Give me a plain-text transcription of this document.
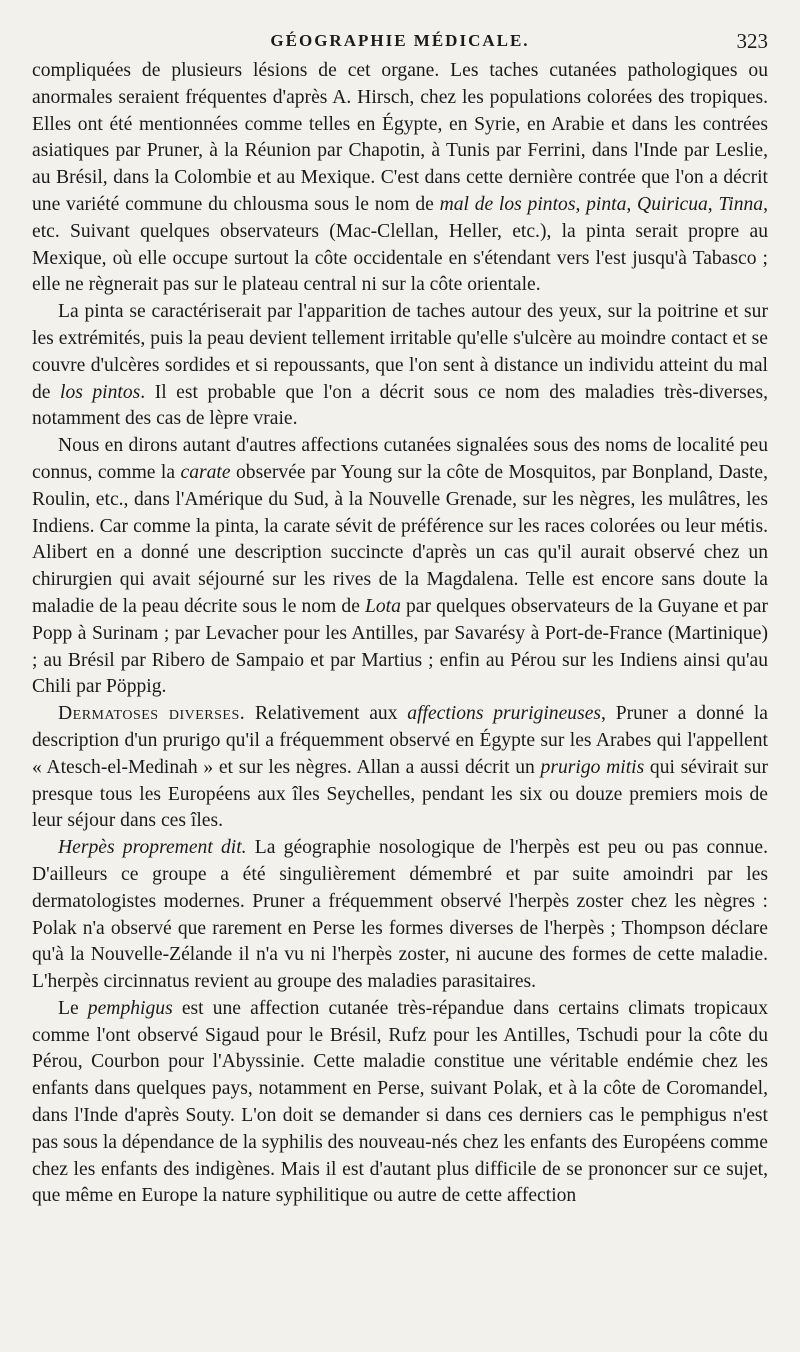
GÉOGRAPHIE MÉDICALE.	323

compliquées de plusieurs lésions de cet organe. Les taches cutanées pathologiques ou anormales seraient fréquentes d'après A. Hirsch, chez les populations colorées des tropiques. Elles ont été mentionnées comme telles en Égypte, en Syrie, en Arabie et dans les contrées asiatiques par Pruner, à la Réunion par Chapotin, à Tunis par Ferrini, dans l'Inde par Leslie, au Brésil, dans la Colombie et au Mexique. C'est dans cette dernière contrée que l'on a décrit une variété commune du chlousma sous le nom de mal de los pintos, pinta, Quiricua, Tinna, etc. Suivant quelques observateurs (Mac-Clellan, Heller, etc.), la pinta serait propre au Mexique, où elle occupe surtout la côte occidentale en s'étendant vers l'est jusqu'à Tabasco ; elle ne règnerait pas sur le plateau central ni sur la côte orientale.

La pinta se caractériserait par l'apparition de taches autour des yeux, sur la poitrine et sur les extrémités, puis la peau devient tellement irritable qu'elle s'ulcère au moindre contact et se couvre d'ulcères sordides et si repoussants, que l'on sent à distance un individu atteint du mal de los pintos. Il est probable que l'on a décrit sous ce nom des maladies très-diverses, notamment des cas de lèpre vraie.

Nous en dirons autant d'autres affections cutanées signalées sous des noms de localité peu connus, comme la carate observée par Young sur la côte de Mosquitos, par Bonpland, Daste, Roulin, etc., dans l'Amérique du Sud, à la Nouvelle Grenade, sur les nègres, les mulâtres, les Indiens. Car comme la pinta, la carate sévit de préférence sur les races colorées ou leur métis. Alibert en a donné une description succincte d'après un cas qu'il aurait observé chez un chirurgien qui avait séjourné sur les rives de la Magdalena. Telle est encore sans doute la maladie de la peau décrite sous le nom de Lota par quelques observateurs de la Guyane et par Popp à Surinam ; par Levacher pour les Antilles, par Savarésy à Port-de-France (Martinique) ; au Brésil par Ribero de Sampaio et par Martius ; enfin au Pérou sur les Indiens ainsi qu'au Chili par Pöppig.

Dermatoses diverses. Relativement aux affections prurigineuses, Pruner a donné la description d'un prurigo qu'il a fréquemment observé en Égypte sur les Arabes qui l'appellent « Atesch-el-Medinah » et sur les nègres. Allan a aussi décrit un prurigo mitis qui sévirait sur presque tous les Européens aux îles Seychelles, pendant les six ou douze premiers mois de leur séjour dans ces îles.

Herpès proprement dit. La géographie nosologique de l'herpès est peu ou pas connue. D'ailleurs ce groupe a été singulièrement démembré et par suite amoindri par les dermatologistes modernes. Pruner a fréquemment observé l'herpès zoster chez les nègres : Polak n'a observé que rarement en Perse les formes diverses de l'herpès ; Thompson déclare qu'à la Nouvelle-Zélande il n'a vu ni l'herpès zoster, ni aucune des formes de cette maladie. L'herpès circinnatus revient au groupe des maladies parasitaires.

Le pemphigus est une affection cutanée très-répandue dans certains climats tropicaux comme l'ont observé Sigaud pour le Brésil, Rufz pour les Antilles, Tschudi pour la côte du Pérou, Courbon pour l'Abyssinie. Cette maladie constitue une véritable endémie chez les enfants dans quelques pays, notamment en Perse, suivant Polak, et à la côte de Coromandel, dans l'Inde d'après Souty. L'on doit se demander si dans ces derniers cas le pemphigus n'est pas sous la dépendance de la syphilis des nouveau-nés chez les enfants des Européens comme chez les enfants des indigènes. Mais il est d'autant plus difficile de se prononcer sur ce sujet, que même en Europe la nature syphilitique ou autre de cette affection
